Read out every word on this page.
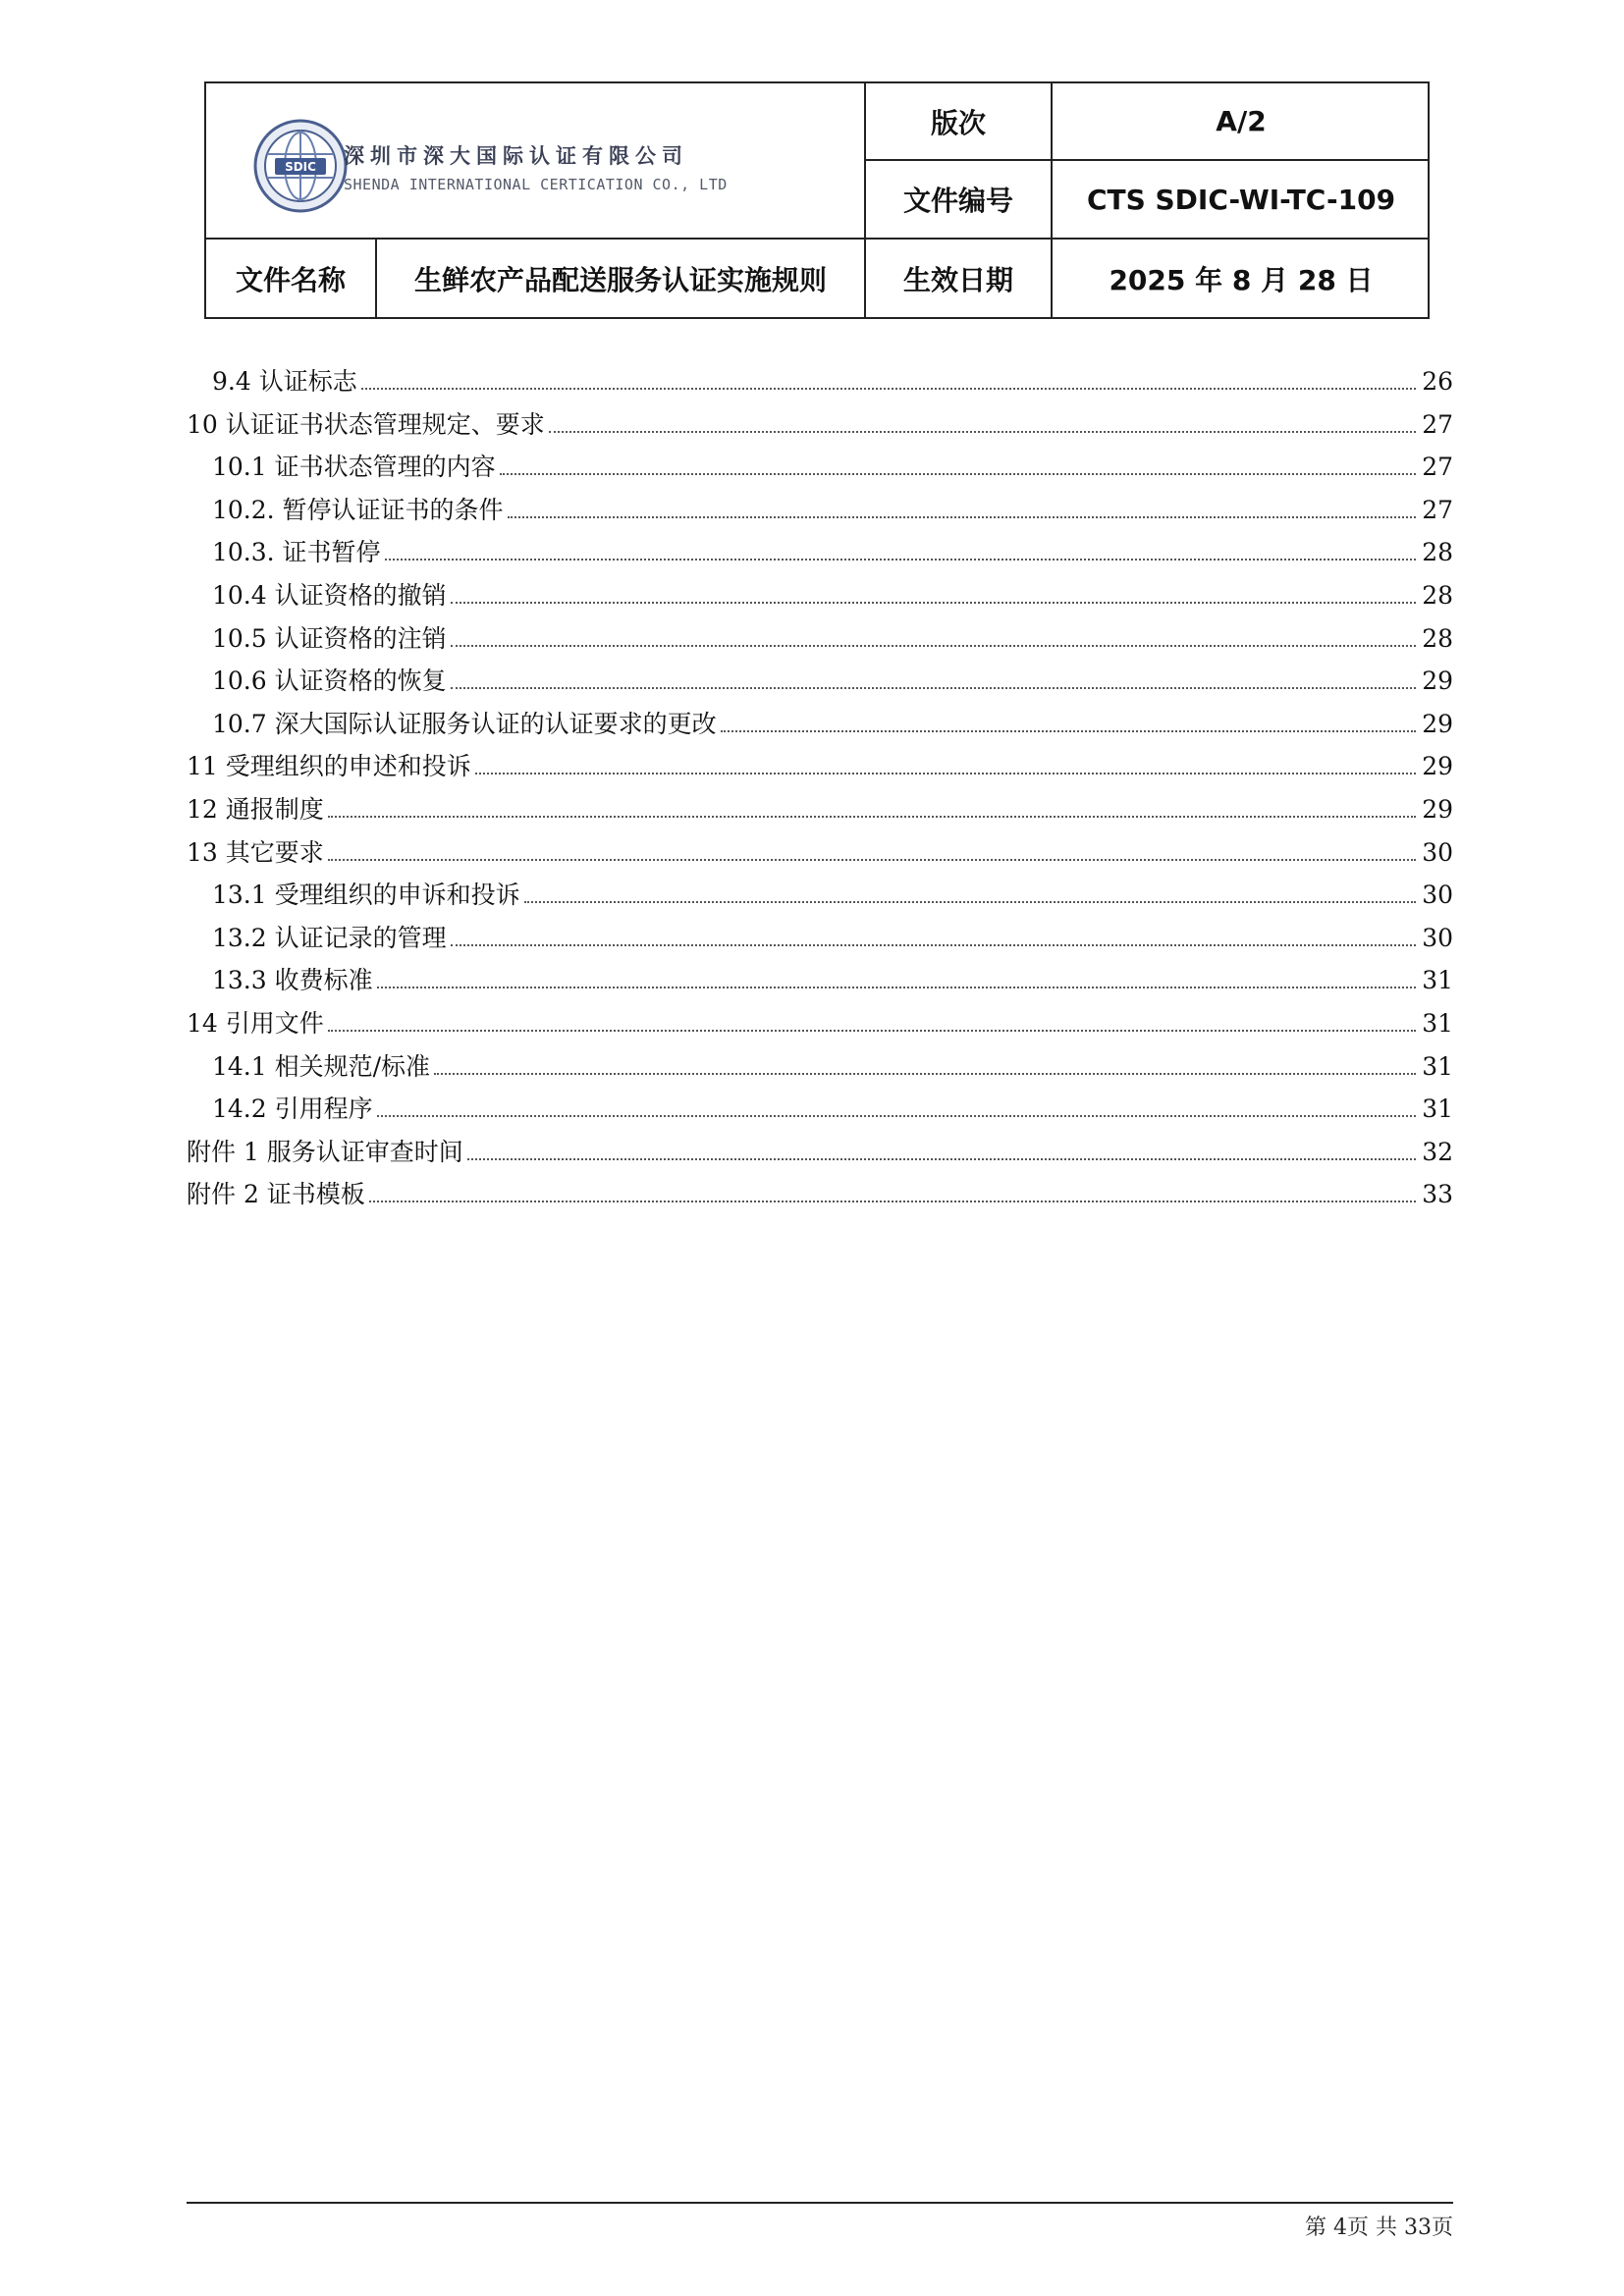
SDIC 深圳市深大国际认证有限公司
SHENDA INTERNATIONAL CERTICATION CO., LTD
版次	A/2
文件编号	CTS SDIC-WI-TC-109
文件名称	生鲜农产品配送服务认证实施规则	生效日期	2025 年 8 月 28 日
9.4 认证标志	26
10 认证证书状态管理规定、要求	27
10.1 证书状态管理的内容	27
10.2. 暂停认证证书的条件	27
10.3. 证书暂停	28
10.4 认证资格的撤销	28
10.5 认证资格的注销	28
10.6 认证资格的恢复	29
10.7 深大国际认证服务认证的认证要求的更改	29
11 受理组织的申述和投诉	29
12 通报制度	29
13 其它要求	30
13.1 受理组织的申诉和投诉	30
13.2 认证记录的管理	30
13.3 收费标准	31
14 引用文件	31
14.1 相关规范/标准	31
14.2 引用程序	31
附件 1 服务认证审查时间	32
附件 2 证书模板	33
第 4页 共 33页
